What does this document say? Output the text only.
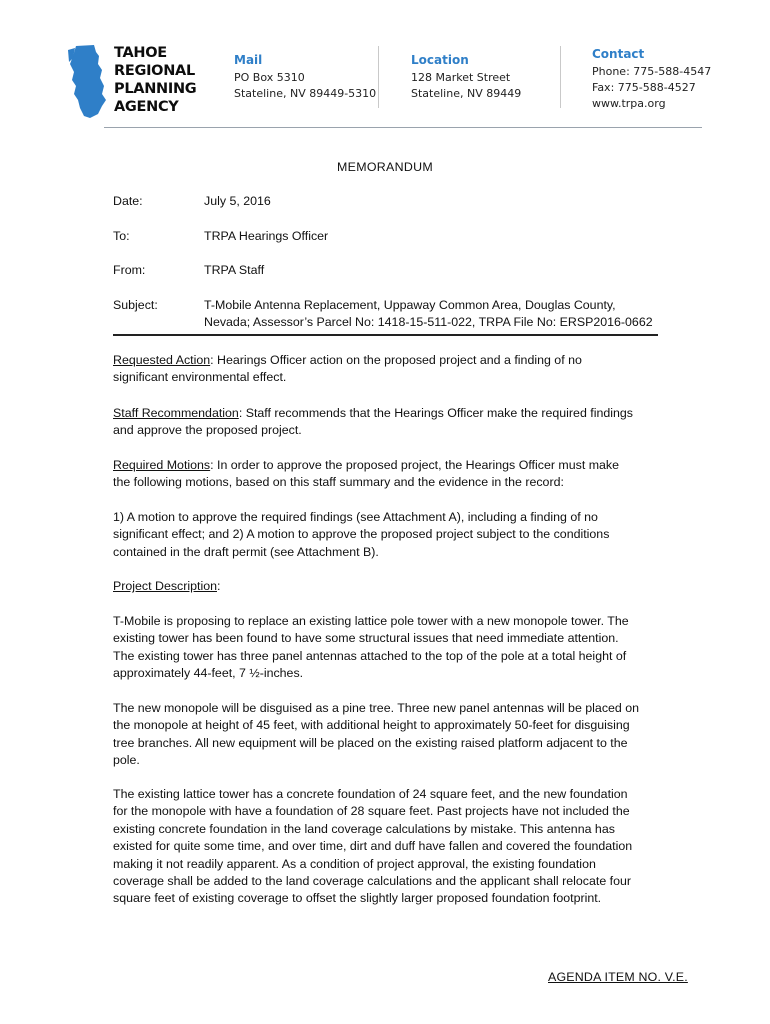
TAHOE
REGIONAL
PLANNING
AGENCY
Mail
PO Box 5310
Stateline, NV 89449-5310
Location
128 Market Street
Stateline, NV 89449
Contact
Phone: 775-588-4547
Fax: 775-588-4527
www.trpa.org
MEMORANDUM
Date:	July 5, 2016
To:	TRPA Hearings Officer
From:	TRPA Staff
Subject:	T-Mobile Antenna Replacement, Uppaway Common Area, Douglas County,
Nevada; Assessor’s Parcel No: 1418-15-511-022, TRPA File No: ERSP2016-0662
Requested Action: Hearings Officer action on the proposed project and a finding of no
significant environmental effect.
Staff Recommendation: Staff recommends that the Hearings Officer make the required findings
and approve the proposed project.
Required Motions: In order to approve the proposed project, the Hearings Officer must make
the following motions, based on this staff summary and the evidence in the record:
1) A motion to approve the required findings (see Attachment A), including a finding of no
significant effect; and 2) A motion to approve the proposed project subject to the conditions
contained in the draft permit (see Attachment B).
Project Description:
T-Mobile is proposing to replace an existing lattice pole tower with a new monopole tower. The
existing tower has been found to have some structural issues that need immediate attention.
The existing tower has three panel antennas attached to the top of the pole at a total height of
approximately 44-feet, 7 ½-inches.
The new monopole will be disguised as a pine tree. Three new panel antennas will be placed on
the monopole at height of 45 feet, with additional height to approximately 50-feet for disguising
tree branches. All new equipment will be placed on the existing raised platform adjacent to the
pole.
The existing lattice tower has a concrete foundation of 24 square feet, and the new foundation
for the monopole with have a foundation of 28 square feet. Past projects have not included the
existing concrete foundation in the land coverage calculations by mistake. This antenna has
existed for quite some time, and over time, dirt and duff have fallen and covered the foundation
making it not readily apparent. As a condition of project approval, the existing foundation
coverage shall be added to the land coverage calculations and the applicant shall relocate four
square feet of existing coverage to offset the slightly larger proposed foundation footprint.
AGENDA ITEM NO. V.E.
